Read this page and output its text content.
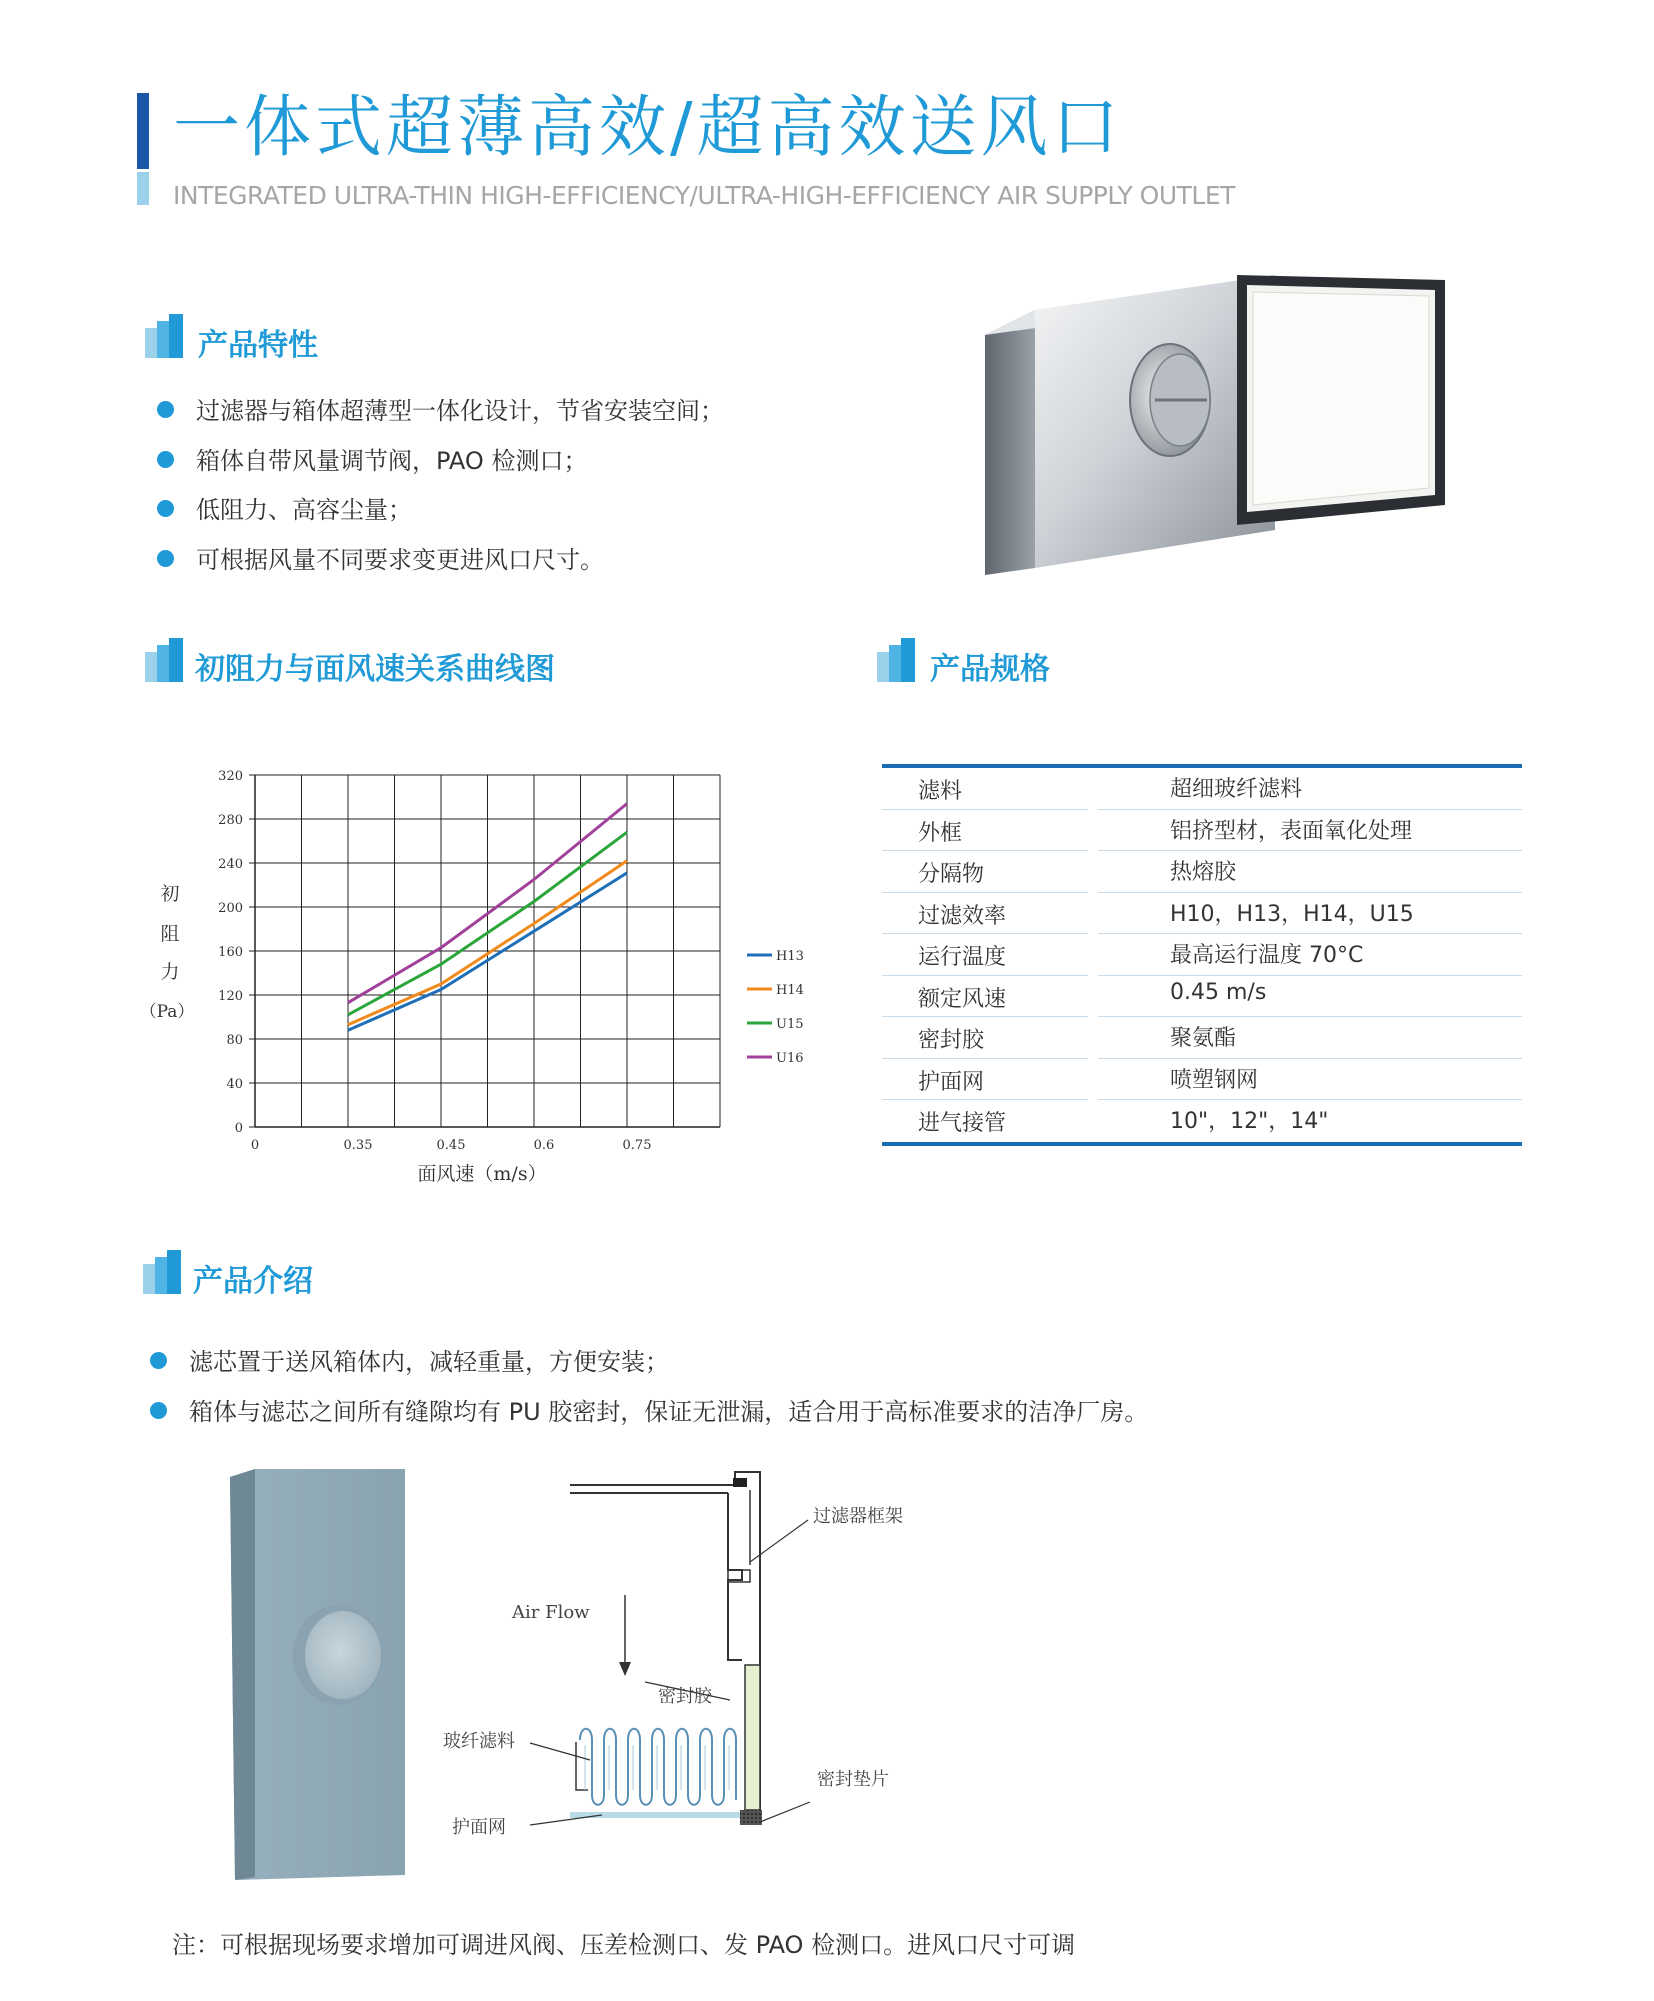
一体式超薄高效/超高效送风口
INTEGRATED ULTRA-THIN HIGH-EFFICIENCY/ULTRA-HIGH-EFFICIENCY AIR SUPPLY OUTLET
产品特性
过滤器与箱体超薄型一体化设计，节省安装空间；
箱体自带风量调节阀，PAO 检测口；
低阻力、高容尘量；
可根据风量不同要求变更进风口尺寸。
初阻力与面风速关系曲线图
0
40
80
120
160
200
240
280
320
0	0.35	0.45	0.6	0.75
H13
H14
U15
U16
初
阻
力
（Pa）
面风速（m/s）
产品规格
滤料	超细玻纤滤料
外框	铝挤型材，表面氧化处理
分隔物	热熔胶
过滤效率	H10，H13，H14，U15
运行温度	最高运行温度 70°C
额定风速	0.45 m/s
密封胶	聚氨酯
护面网	喷塑钢网
进气接管	10"，12"，14"
产品介绍
滤芯置于送风箱体内，减轻重量，方便安装；
箱体与滤芯之间所有缝隙均有 PU 胶密封，保证无泄漏，适合用于高标准要求的洁净厂房。
Air Flow
过滤器框架
密封胶
玻纤滤料
密封垫片
护面网
注：可根据现场要求增加可调进风阀、压差检测口、发 PAO 检测口。进风口尺寸可调
